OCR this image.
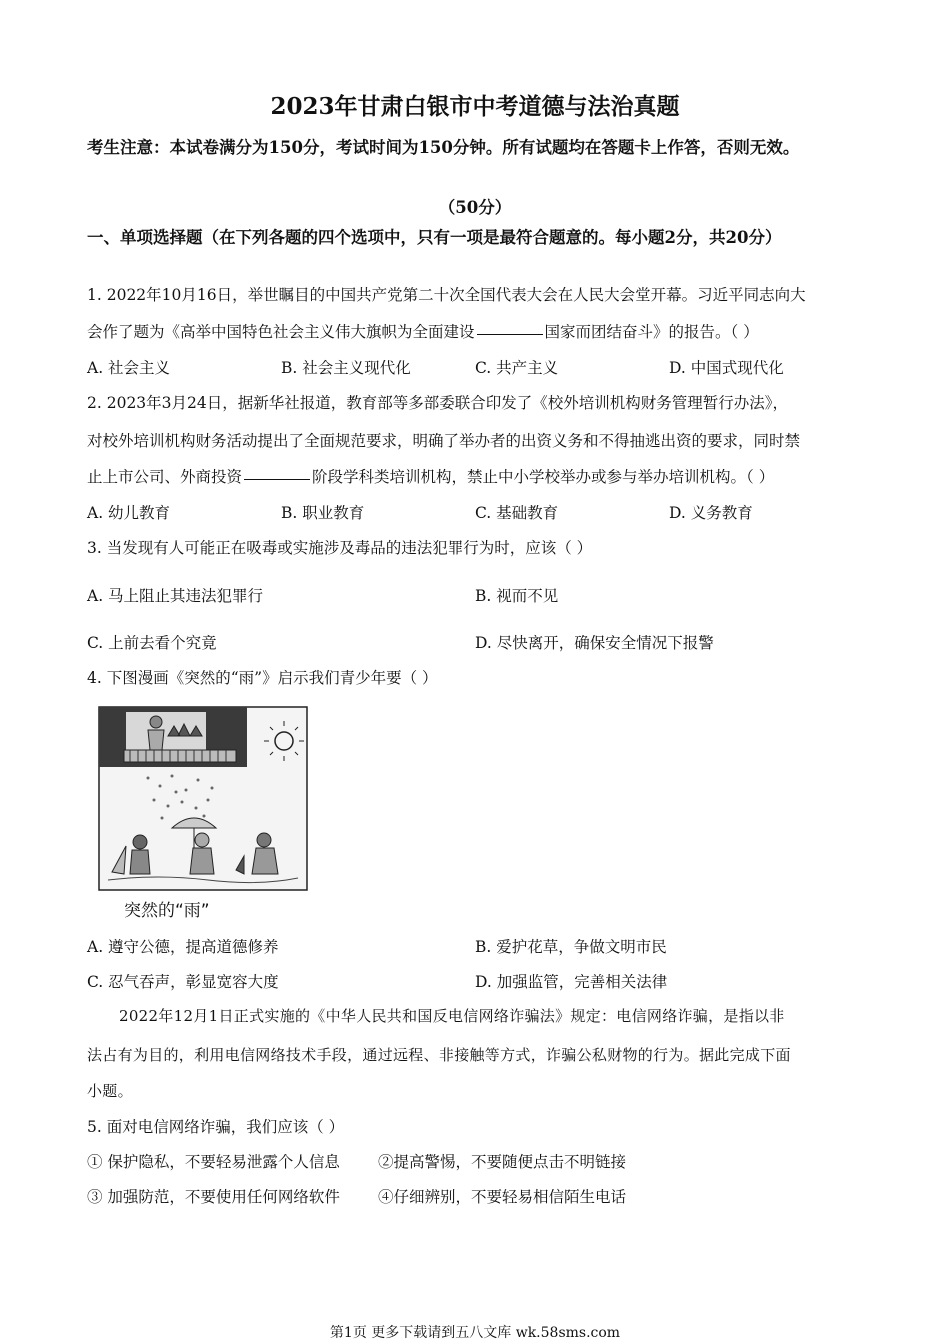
2023年甘肃白银市中考道德与法治真题
考生注意：本试卷满分为150分，考试时间为150分钟。所有试题均在答题卡上作答，否则无效。
（50分）
一、单项选择题（在下列各题的四个选项中，只有一项是最符合题意的。每小题2分，共20分）
1. 2022年10月16日，举世瞩目的中国共产党第二十次全国代表大会在人民大会堂开幕。习近平同志向大
会作了题为《高举中国特色社会主义伟大旗帜为全面建设	国家而团结奋斗》的报告。（ ）
A. 社会主义	B. 社会主义现代化	C. 共产主义	D. 中国式现代化
2. 2023年3月24日，据新华社报道，教育部等多部委联合印发了《校外培训机构财务管理暂行办法》，
对校外培训机构财务活动提出了全面规范要求，明确了举办者的出资义务和不得抽逃出资的要求，同时禁
止上市公司、外商投资	阶段学科类培训机构，禁止中小学校举办或参与举办培训机构。（ ）
A. 幼儿教育	B. 职业教育	C. 基础教育	D. 义务教育
3. 当发现有人可能正在吸毒或实施涉及毒品的违法犯罪行为时，应该（ ）
A. 马上阻止其违法犯罪行	B. 视而不见
C. 上前去看个究竟	D. 尽快离开，确保安全情况下报警
4. 下图漫画《突然的“雨”》启示我们青少年要（ ）
突然的“雨”
A. 遵守公德，提高道德修养	B. 爱护花草，争做文明市民
C. 忍气吞声，彰显宽容大度	D. 加强监管，完善相关法律
2022年12月1日正式实施的《中华人民共和国反电信网络诈骗法》规定：电信网络诈骗，是指以非
法占有为目的，利用电信网络技术手段，通过远程、非接触等方式，诈骗公私财物的行为。据此完成下面
小题。
5. 面对电信网络诈骗，我们应该（ ）
① 保护隐私，不要轻易泄露个人信息 ②提高警惕，不要随便点击不明链接
③ 加强防范，不要使用任何网络软件 ④仔细辨别，不要轻易相信陌生电话
第1页 更多下载请到五八文库 wk.58sms.com
